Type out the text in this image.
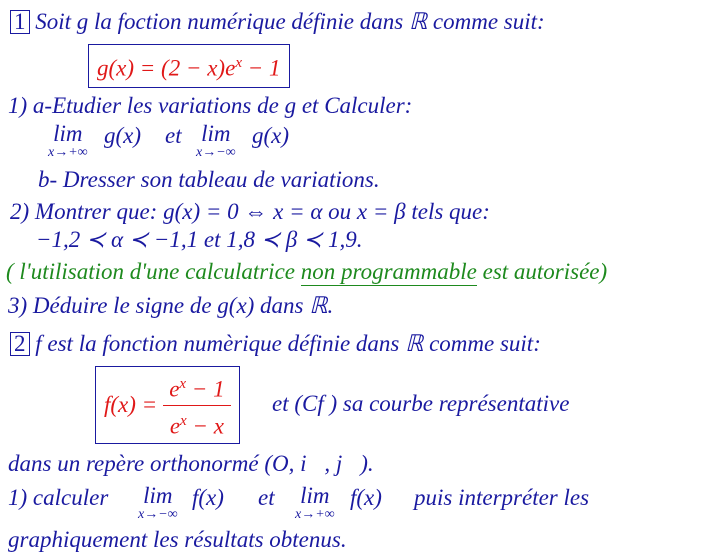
1 Soit g la foction numérique définie dans ℝ comme suit:
$g(x) = (2 - x)e^x - 1$
1) a-Etudier les variations de g et Calculer:
lim
x→+∞
g(x) et lim
x→−∞
g(x)
b- Dresser son tableau de variations.
2) Montrer que: g(x) = 0 ⇔ x = α ou x = β tels que:
−1,2 ≺ α ≺ −1,1 et 1,8 ≺ β ≺ 1,9.
( l'utilisation d'une calculatrice non programmable est autorisée)
3) Déduire le signe de g(x) dans ℝ.
2 f est la fonction numèrique définie dans ℝ comme suit:
$f(x) = \frac{e^x - 1}{e^x - x}$ et (Cf ) sa courbe représentative
dans un repère orthonormé (O, i⃗, j⃗).
1) calculer lim
x→−∞
f(x) et lim
x→+∞
f(x) puis interpréter les
graphiquement les résultats obtenus.
